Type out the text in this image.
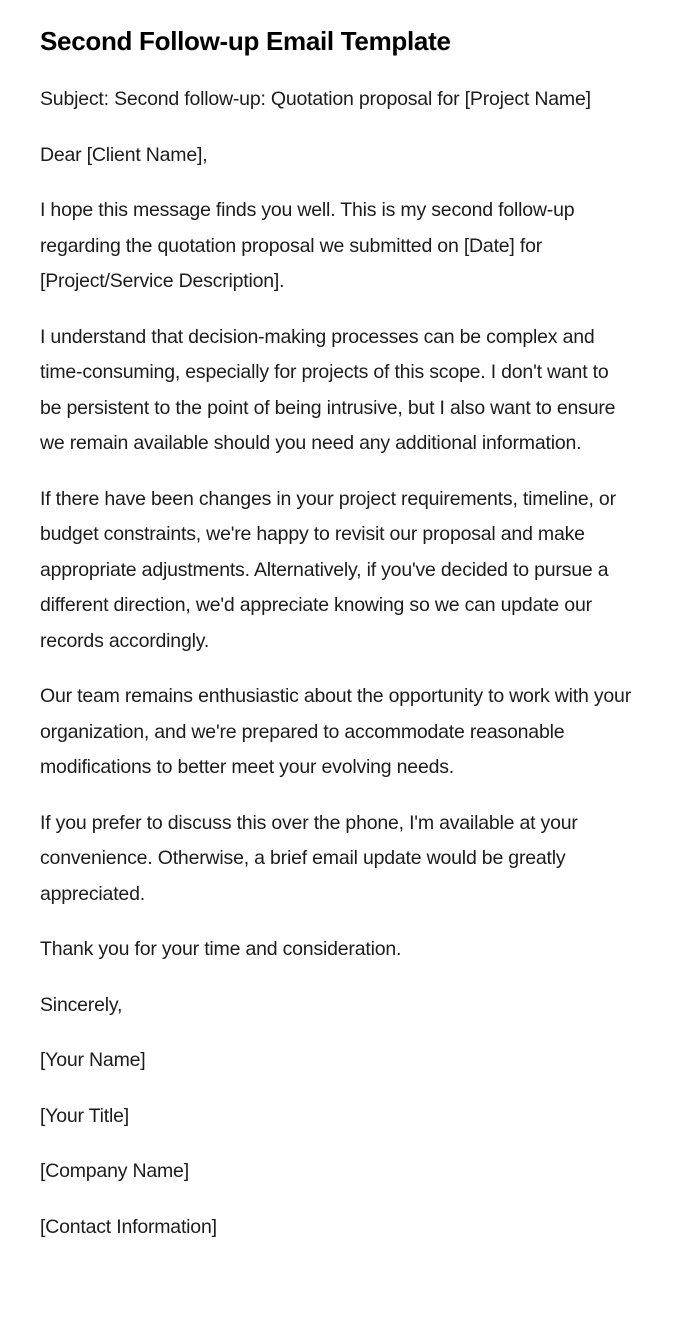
Second Follow-up Email Template

Subject: Second follow-up: Quotation proposal for [Project Name]

Dear [Client Name],

I hope this message finds you well. This is my second follow-up regarding the quotation proposal we submitted on [Date] for [Project/Service Description].

I understand that decision-making processes can be complex and time-consuming, especially for projects of this scope. I don't want to be persistent to the point of being intrusive, but I also want to ensure we remain available should you need any additional information.

If there have been changes in your project requirements, timeline, or budget constraints, we're happy to revisit our proposal and make appropriate adjustments. Alternatively, if you've decided to pursue a different direction, we'd appreciate knowing so we can update our records accordingly.

Our team remains enthusiastic about the opportunity to work with your organization, and we're prepared to accommodate reasonable modifications to better meet your evolving needs.

If you prefer to discuss this over the phone, I'm available at your convenience. Otherwise, a brief email update would be greatly appreciated.

Thank you for your time and consideration.

Sincerely,

[Your Name]

[Your Title]

[Company Name]

[Contact Information]
